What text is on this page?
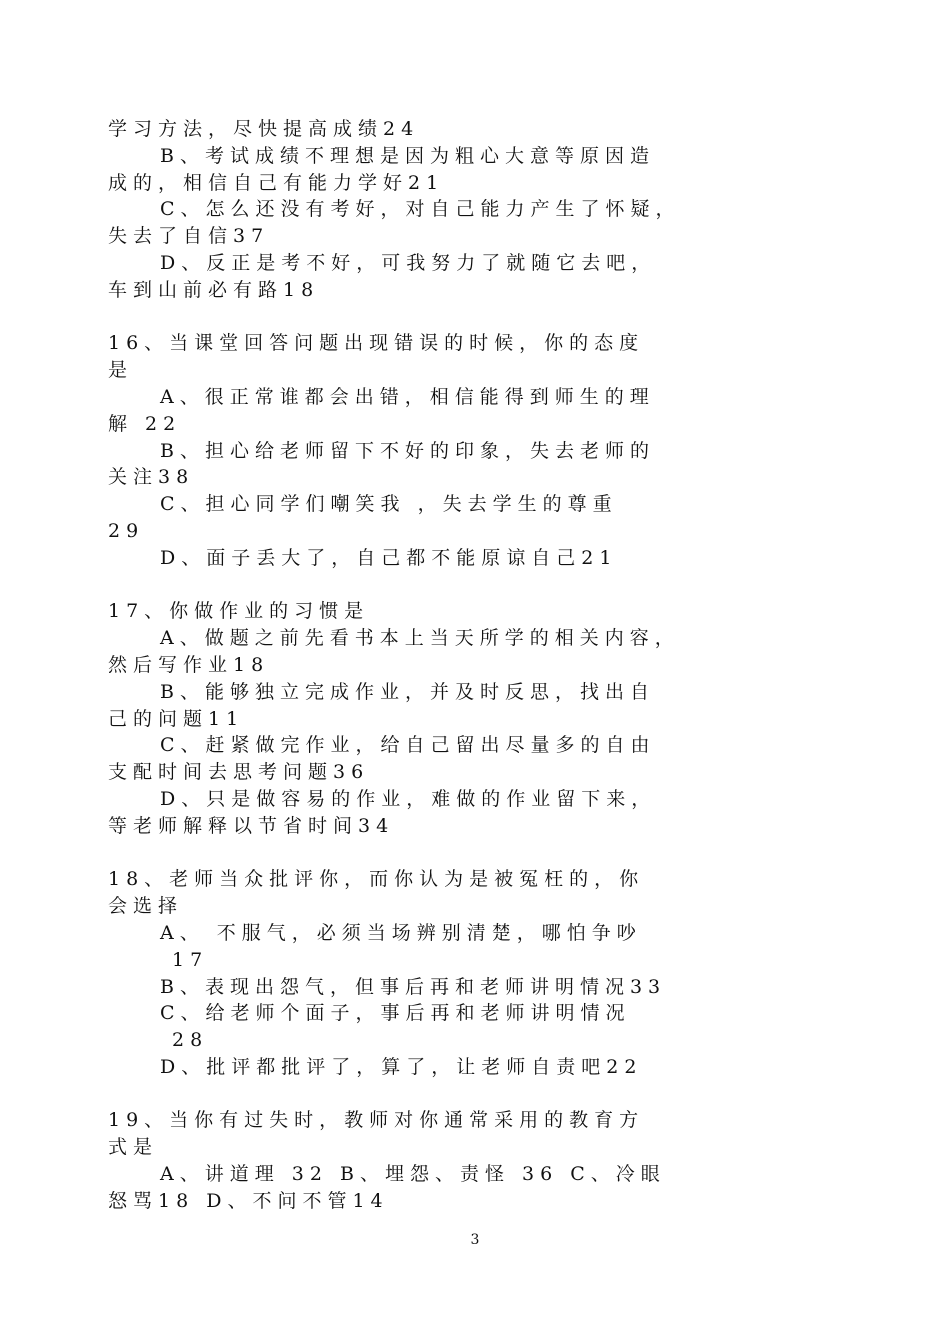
学习方法，尽快提高成绩24
B、考试成绩不理想是因为粗心大意等原因造
成的，相信自己有能力学好21
C、怎么还没有考好，对自己能力产生了怀疑，
失去了自信37
D、反正是考不好，可我努力了就随它去吧，
车到山前必有路18
16、当课堂回答问题出现错误的时候，你的态度
是
A、很正常谁都会出错，相信能得到师生的理
解 22
B、担心给老师留下不好的印象，失去老师的
关注38
C、担心同学们嘲笑我 ，失去学生的尊重
29
D、面子丢大了，自己都不能原谅自己21
17、你做作业的习惯是
A、做题之前先看书本上当天所学的相关内容，
然后写作业18
B、能够独立完成作业，并及时反思，找出自
己的问题11
C、赶紧做完作业，给自己留出尽量多的自由
支配时间去思考问题36
D、只是做容易的作业，难做的作业留下来，
等老师解释以节省时间34
18、老师当众批评你，而你认为是被冤枉的，你
会选择
A、 不服气，必须当场辨别清楚，哪怕争吵
17
B、表现出怨气，但事后再和老师讲明情况33
C、给老师个面子，事后再和老师讲明情况
28
D、批评都批评了，算了，让老师自责吧22
19、当你有过失时，教师对你通常采用的教育方
式是
A、讲道理 32 B、埋怨、责怪 36 C、冷眼
怒骂18 D、不问不管14
3
